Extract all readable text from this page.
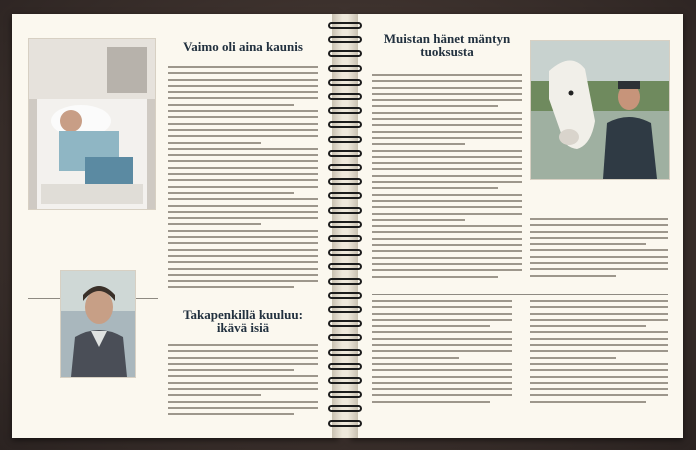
Vaimo oli aina kaunis

Takapenkillä kuuluu: ikävä isiä

Muistan hänet mäntyn tuoksusta
